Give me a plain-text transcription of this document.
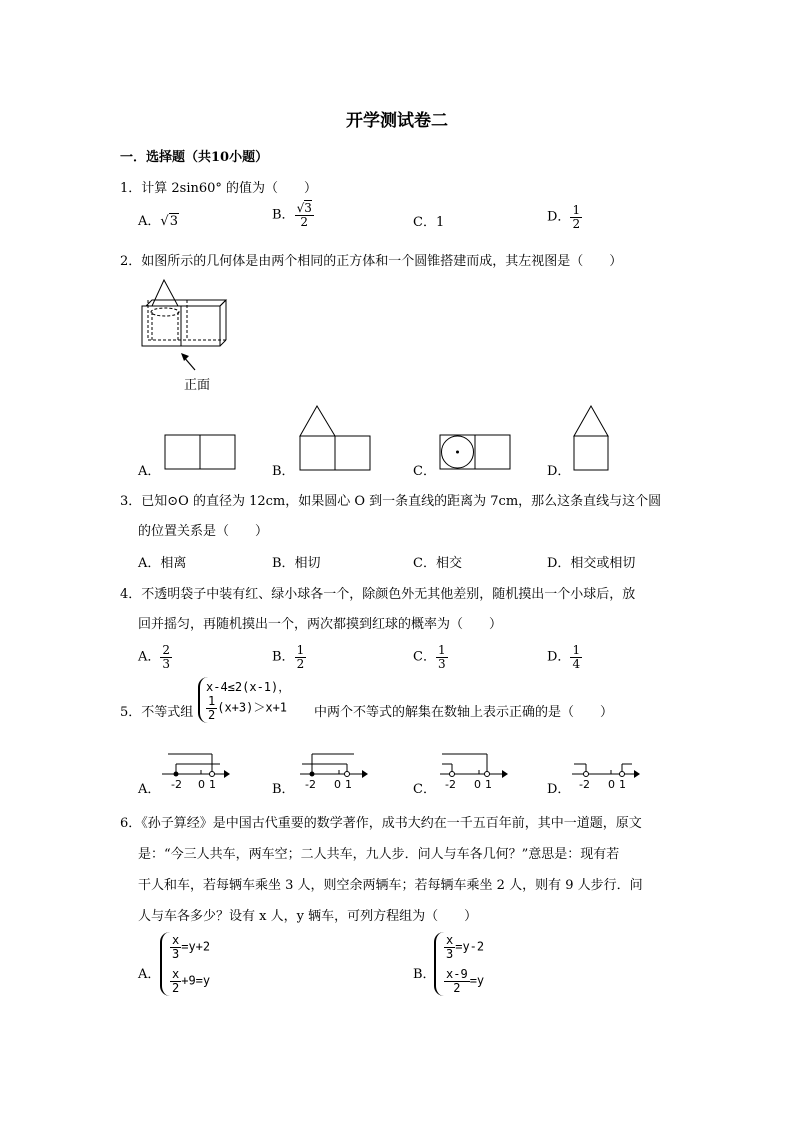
开学测试卷二
一．选择题（共10小题）
1．计算 2sin60° 的值为（　　）
A．√3	B． $\frac{√3}{2}$	C．1	D． $\frac{1}{2}$
2．如图所示的几何体是由两个相同的正方体和一个圆锥搭建而成，其左视图是（　　）
正面
A．	B．	C．	D．
3．已知⊙O 的直径为 12cm，如果圆心 O 到一条直线的距离为 7cm，那么这条直线与这个圆
的位置关系是（　　）
A．相离	B．相切	C．相交	D．相交或相切
4．不透明袋子中装有红、绿小球各一个，除颜色外无其他差别，随机摸出一个小球后，放
回并摇匀，再随机摸出一个，两次都摸到红球的概率为（　　）
A． $\frac{2}{3}$	B． $\frac{1}{2}$	C． $\frac{1}{3}$	D． $\frac{1}{4}$
5．不等式组
x-4≤2(x-1)，
$\frac{1}{2} (x+3)>x+1$ 中两个不等式的解集在数轴上表示正确的是（　　）
A．	B．	C．	D．
-2 0 1	-2 0 1	-2 0 1	-2 0 1
6．《孙子算经》是中国古代重要的数学著作，成书大约在一千五百年前，其中一道题，原文
是：“今三人共车，两车空；二人共车，九人步．问人与车各几何？”意思是：现有若
干人和车，若每辆车乘坐 3 人，则空余两辆车；若每辆车乘坐 2 人，则有 9 人步行．问
人与车各多少？设有 x 人，y 辆车，可列方程组为（　　）
A．
$\frac{x}{3} =y+2$
$\frac{x}{2} +9=y$	B．
$\frac{x}{3} =y-2$
$\frac{x-9}{2} =y$
